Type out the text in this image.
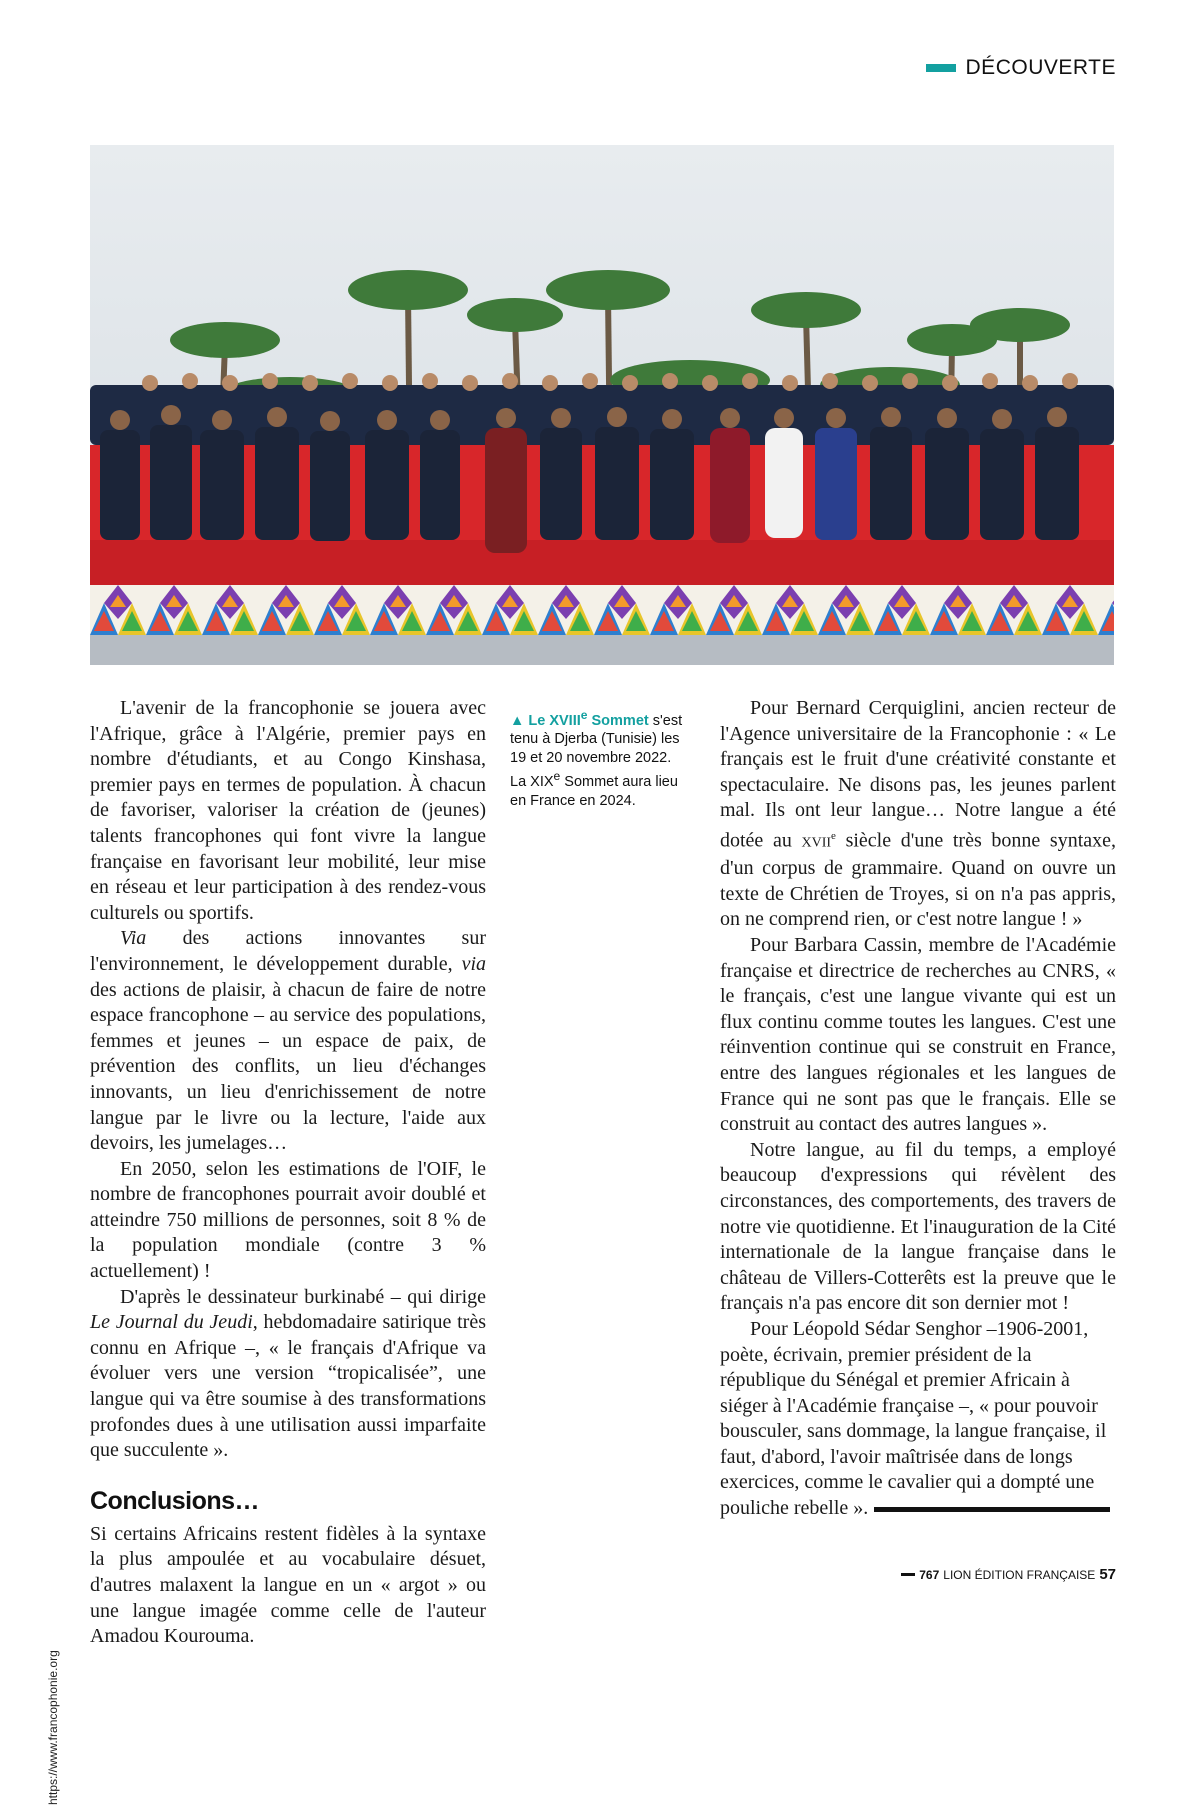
DÉCOUVERTE

L'avenir de la francophonie se jouera avec l'Afrique, grâce à l'Algérie, premier pays en nombre d'étudiants, et au Congo Kinshasa, premier pays en termes de population. À chacun de favoriser, valoriser la création de (jeunes) talents francophones qui font vivre la langue française en favorisant leur mobilité, leur mise en réseau et leur participation à des rendez-vous culturels ou sportifs.

Via des actions innovantes sur l'environnement, le développement durable, via des actions de plaisir, à chacun de faire de notre espace francophone – au service des populations, femmes et jeunes – un espace de paix, de prévention des conflits, un lieu d'échanges innovants, un lieu d'enrichissement de notre langue par le livre ou la lecture, l'aide aux devoirs, les jumelages…

En 2050, selon les estimations de l'OIF, le nombre de francophones pourrait avoir doublé et atteindre 750 millions de personnes, soit 8 % de la population mondiale (contre 3 % actuellement) !

D'après le dessinateur burkinabé – qui dirige Le Journal du Jeudi, hebdomadaire satirique très connu en Afrique –, « le français d'Afrique va évoluer vers une version “tropicalisée”, une langue qui va être soumise à des transformations profondes dues à une utilisation aussi imparfaite que succulente ».

Conclusions…

Si certains Africains restent fidèles à la syntaxe la plus ampoulée et au vocabulaire désuet, d'autres malaxent la langue en un « argot » ou une langue imagée comme celle de l'auteur Amadou Kourouma.

▲ Le XVIIIe Sommet s'est tenu à Djerba (Tunisie) les 19 et 20 novembre 2022. La XIXe Sommet aura lieu en France en 2024.

Pour Bernard Cerquiglini, ancien recteur de l'Agence universitaire de la Francophonie : « Le français est le fruit d'une créativité constante et spectaculaire. Ne disons pas, les jeunes parlent mal. Ils ont leur langue… Notre langue a été dotée au XVIIe siècle d'une très bonne syntaxe, d'un corpus de grammaire. Quand on ouvre un texte de Chrétien de Troyes, si on n'a pas appris, on ne comprend rien, or c'est notre langue ! »

Pour Barbara Cassin, membre de l'Académie française et directrice de recherches au CNRS, « le français, c'est une langue vivante qui est un flux continu comme toutes les langues. C'est une réinvention continue qui se construit en France, entre des langues régionales et les langues de France qui ne sont pas que le français. Elle se construit au contact des autres langues ».

Notre langue, au fil du temps, a employé beaucoup d'expressions qui révèlent des circonstances, des comportements, des travers de notre vie quotidienne. Et l'inauguration de la Cité internationale de la langue française dans le château de Villers-Cotterêts est la preuve que le français n'a pas encore dit son dernier mot !

Pour Léopold Sédar Senghor –1906-2001, poète, écrivain, premier président de la république du Sénégal et premier Africain à siéger à l'Académie française –, « pour pouvoir bousculer, sans dommage, la langue française, il faut, d'abord, l'avoir maîtrisée dans de longs exercices, comme le cavalier qui a dompté une pouliche rebelle ».

https://www.francophonie.org
767 LION ÉDITION FRANÇAISE 57
